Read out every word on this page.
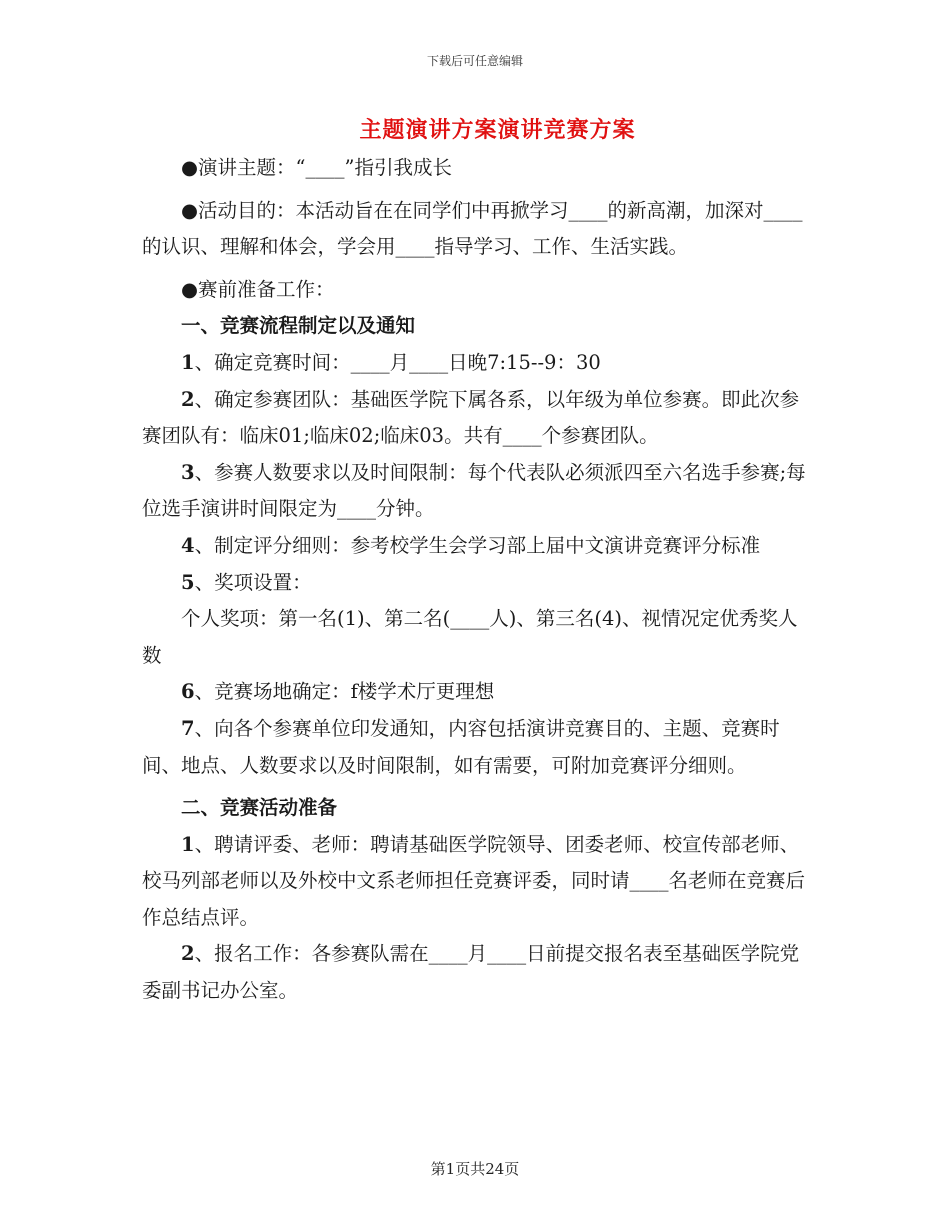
下载后可任意编辑
主题演讲方案演讲竞赛方案

●演讲主题：“____”指引我成长

●活动目的：本活动旨在在同学们中再掀学习____的新高潮，加深对____的认识、理解和体会，学会用____指导学习、工作、生活实践。

●赛前准备工作：

一、竞赛流程制定以及通知

1、确定竞赛时间：____月____日晚7:15--9：30

2、确定参赛团队：基础医学院下属各系，以年级为单位参赛。即此次参赛团队有：临床01;临床02;临床03。共有____个参赛团队。

3、参赛人数要求以及时间限制：每个代表队必须派四至六名选手参赛;每位选手演讲时间限定为____分钟。

4、制定评分细则：参考校学生会学习部上届中文演讲竞赛评分标准

5、奖项设置：

个人奖项：第一名(1)、第二名(____人)、第三名(4)、视情况定优秀奖人数

6、竞赛场地确定：f楼学术厅更理想

7、向各个参赛单位印发通知，内容包括演讲竞赛目的、主题、竞赛时间、地点、人数要求以及时间限制，如有需要，可附加竞赛评分细则。

二、竞赛活动准备

1、聘请评委、老师：聘请基础医学院领导、团委老师、校宣传部老师、校马列部老师以及外校中文系老师担任竞赛评委，同时请____名老师在竞赛后作总结点评。

2、报名工作：各参赛队需在____月____日前提交报名表至基础医学院党委副书记办公室。

第1页共24页
